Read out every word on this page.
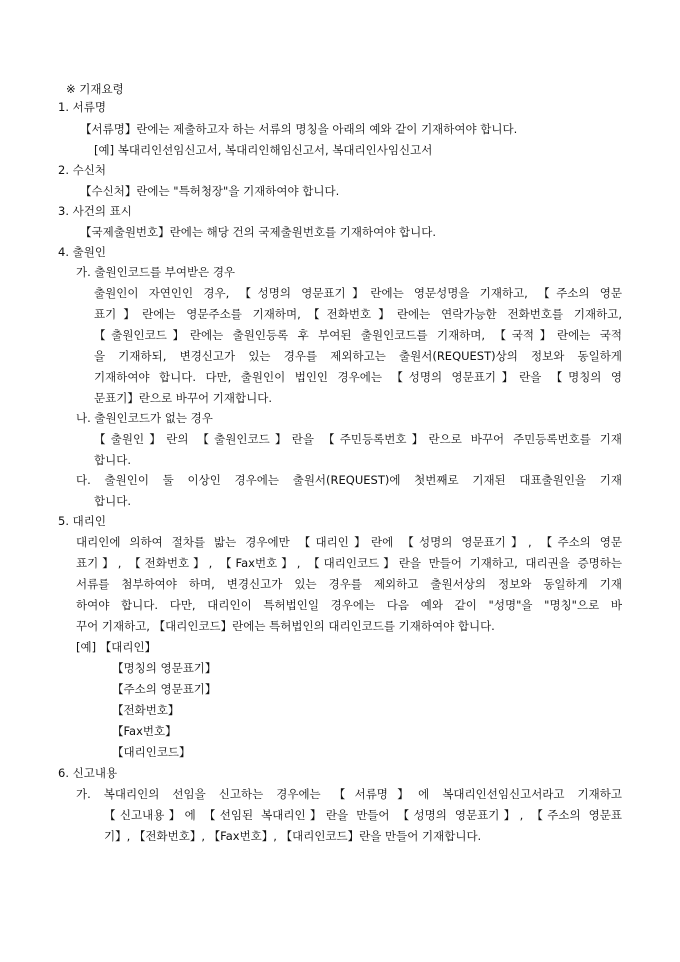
※ 기재요령
1. 서류명
【서류명】란에는 제출하고자 하는 서류의 명칭을 아래의 예와 같이 기재하여야 합니다.
[예] 복대리인선임신고서, 복대리인해임신고서, 복대리인사임신고서
2. 수신처
【수신처】란에는 "특허청장"을 기재하여야 합니다.
3. 사건의 표시
【국제출원번호】란에는 해당 건의 국제출원번호를 기재하여야 합니다.
4. 출원인
가. 출원인코드를 부여받은 경우
출원인이 자연인인 경우, 【성명의 영문표기】란에는 영문성명을 기재하고, 【주소의 영문
표기】란에는 영문주소를 기재하며,【전화번호】란에는 연락가능한 전화번호를 기재하고,
【출원인코드】란에는 출원인등록 후 부여된 출원인코드를 기재하며, 【국적】란에는 국적
을 기재하되, 변경신고가 있는 경우를 제외하고는 출원서(REQUEST)상의 정보와 동일하게
기재하여야 합니다. 다만, 출원인이 법인인 경우에는 【성명의 영문표기】란을 【명칭의 영
문표기】란으로 바꾸어 기재합니다.
나. 출원인코드가 없는 경우
【출원인】란의 【출원인코드】란을 【주민등록번호】란으로 바꾸어 주민등록번호를 기재
합니다.
다. 출원인이 둘 이상인 경우에는 출원서(REQUEST)에 첫번째로 기재된 대표출원인을 기재
합니다.
5. 대리인
대리인에 의하여 절차를 밟는 경우에만 【대리인】란에 【성명의 영문표기】, 【주소의 영문
표기】, 【전화번호】, 【Fax번호】, 【대리인코드】란을 만들어 기재하고, 대리권을 증명하는
서류를 첨부하여야 하며, 변경신고가 있는 경우를 제외하고 출원서상의 정보와 동일하게 기재
하여야 합니다. 다만, 대리인이 특허법인일 경우에는 다음 예와 같이 "성명"을 "명칭"으로 바
꾸어 기재하고, 【대리인코드】란에는 특허법인의 대리인코드를 기재하여야 합니다.
[예] 【대리인】
【명칭의 영문표기】
【주소의 영문표기】
【전화번호】
【Fax번호】
【대리인코드】
6. 신고내용
가. 복대리인의 선임을 신고하는 경우에는 【서류명】에 복대리인선임신고서라고 기재하고
【신고내용】에 【선임된 복대리인】란을 만들어 【성명의 영문표기】, 【주소의 영문표
기】, 【전화번호】, 【Fax번호】, 【대리인코드】란을 만들어 기재합니다.
